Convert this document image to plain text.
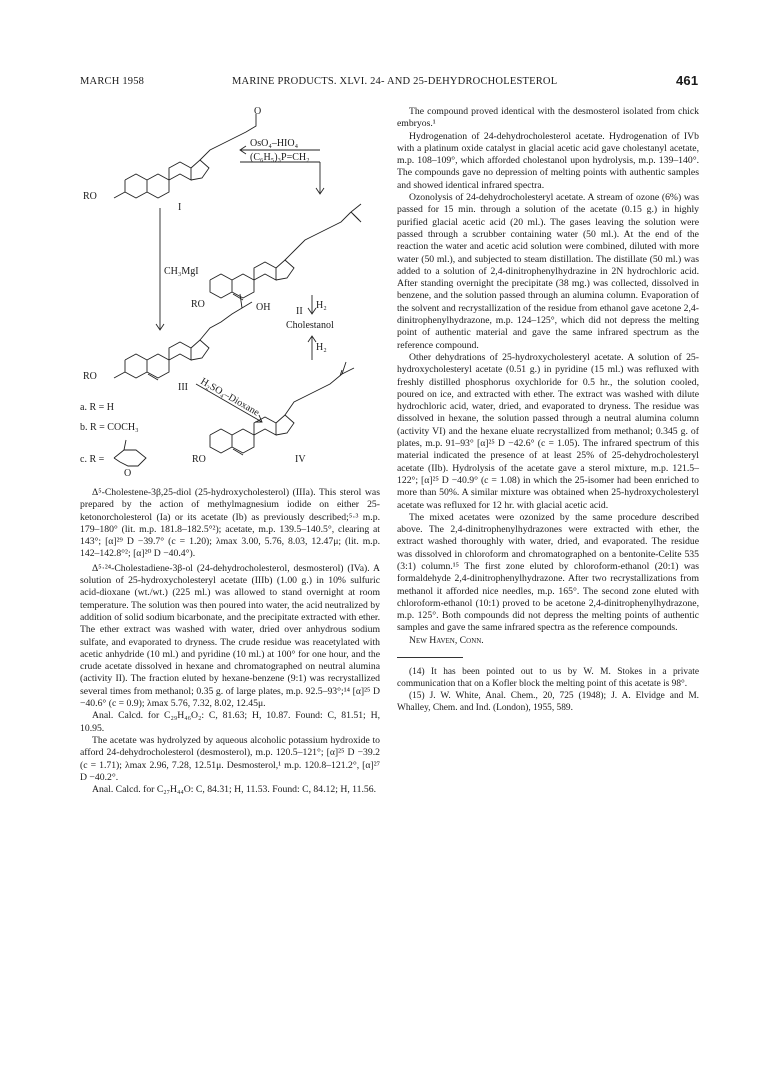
MARCH 1958	MARINE PRODUCTS. XLVI. 24- AND 25-DEHYDROCHOLESTEROL	461
O
RO
I
OsO₄–HIO₄
(C₆H₅)₃P=CH₂
CH₃MgI
RO
II
OH
RO
III
H₂
Cholestanol
H₂
H₂SO₄–Dioxane
RO	IV
a. R = H
b. R = COCH₃
c. R =
O

Δ⁵-Cholestene-3β,25-diol (25-hydroxycholesterol) (IIIa). This sterol was prepared by the action of methylmagnesium iodide on either 25-ketonorcholesterol (Ia) or its acetate (Ib) as previously described;⁵·³ m.p. 179–180° (lit. m.p. 181.8–182.5°²); acetate, m.p. 139.5–140.5°, clearing at 143°; [α]²⁹ D −39.7° (c = 1.20); λmax 3.00, 5.76, 8.03, 12.47μ; (lit. m.p. 142–142.8°²; [α]²⁰ D −40.4°).

Δ⁵·²⁴-Cholestadiene-3β-ol (24-dehydrocholesterol, desmosterol) (IVa). A solution of 25-hydroxycholesteryl acetate (IIIb) (1.00 g.) in 10% sulfuric acid-dioxane (wt./wt.) (225 ml.) was allowed to stand overnight at room temperature. The solution was then poured into water, the acid neutralized by addition of solid sodium bicarbonate, and the precipitate extracted with ether. The ether extract was washed with water, dried over anhydrous sodium sulfate, and evaporated to dryness. The crude residue was reacetylated with acetic anhydride (10 ml.) and pyridine (10 ml.) at 100° for one hour, and the crude acetate dissolved in hexane and chromatographed on neutral alumina (activity II). The fraction eluted by hexane-benzene (9:1) was recrystallized several times from methanol; 0.35 g. of large plates, m.p. 92.5–93°;¹⁴ [α]²⁵ D −40.6° (c = 0.9); λmax 5.76, 7.32, 8.02, 12.45μ.

Anal. Calcd. for C₂₉H₄₆O₂: C, 81.63; H, 10.87. Found: C, 81.51; H, 10.95.

The acetate was hydrolyzed by aqueous alcoholic potassium hydroxide to afford 24-dehydrocholesterol (desmosterol), m.p. 120.5–121°; [α]²⁵ D −39.2 (c = 1.71); λmax 2.96, 7.28, 12.51μ. Desmosterol,¹ m.p. 120.8–121.2°, [α]²⁷ D −40.2°.

Anal. Calcd. for C₂₇H₄₄O: C, 84.31; H, 11.53. Found: C, 84.12; H, 11.56.

The compound proved identical with the desmosterol isolated from chick embryos.¹

Hydrogenation of 24-dehydrocholesterol acetate. Hydrogenation of IVb with a platinum oxide catalyst in glacial acetic acid gave cholestanyl acetate, m.p. 108–109°, which afforded cholestanol upon hydrolysis, m.p. 139–140°. The compounds gave no depression of melting points with authentic samples and showed identical infrared spectra.

Ozonolysis of 24-dehydrocholesteryl acetate. A stream of ozone (6%) was passed for 15 min. through a solution of the acetate (0.15 g.) in highly purified glacial acetic acid (20 ml.). The gases leaving the solution were passed through a scrubber containing water (50 ml.). At the end of the reaction the water and acetic acid solution were combined, diluted with more water (50 ml.), and subjected to steam distillation. The distillate (50 ml.) was added to a solution of 2,4-dinitrophenylhydrazine in 2N hydrochloric acid. After standing overnight the precipitate (38 mg.) was collected, dissolved in benzene, and the solution passed through an alumina column. Evaporation of the solvent and recrystallization of the residue from ethanol gave acetone 2,4-dinitrophenylhydrazone, m.p. 124–125°, which did not depress the melting point of authentic material and gave the same infrared spectrum as the reference compound.

Other dehydrations of 25-hydroxycholesteryl acetate. A solution of 25-hydroxycholesteryl acetate (0.51 g.) in pyridine (15 ml.) was refluxed with freshly distilled phosphorus oxychloride for 0.5 hr., the solution cooled, poured on ice, and extracted with ether. The extract was washed with dilute hydrochloric acid, water, dried, and evaporated to dryness. The residue was dissolved in hexane, the solution passed through a neutral alumina column (activity VI) and the hexane eluate recrystallized from methanol; 0.345 g. of plates, m.p. 91–93° [α]²⁵ D −42.6° (c = 1.05). The infrared spectrum of this material indicated the presence of at least 25% of 25-dehydrocholesteryl acetate (IIb). Hydrolysis of the acetate gave a sterol mixture, m.p. 121.5–122°; [α]²⁵ D −40.9° (c = 1.08) in which the 25-isomer had been enriched to more than 50%. A similar mixture was obtained when 25-hydroxycholesteryl acetate was refluxed for 12 hr. with glacial acetic acid.

The mixed acetates were ozonized by the same procedure described above. The 2,4-dinitrophenylhydrazones were extracted with ether, the extract washed thoroughly with water, dried, and evaporated. The residue was dissolved in chloroform and chromatographed on a bentonite-Celite 535 (3:1) column.¹⁵ The first zone eluted by chloroform-ethanol (20:1) was formaldehyde 2,4-dinitrophenylhydrazone. After two recrystallizations from methanol it afforded nice needles, m.p. 165°. The second zone eluted with chloroform-ethanol (10:1) proved to be acetone 2,4-dinitrophenylhydrazone, m.p. 125°. Both compounds did not depress the melting points of authentic samples and gave the same infrared spectra as the reference compounds.

New Haven, Conn.

(14) It has been pointed out to us by W. M. Stokes in a private communication that on a Kofler block the melting point of this acetate is 98°.

(15) J. W. White, Anal. Chem., 20, 725 (1948); J. A. Elvidge and M. Whalley, Chem. and Ind. (London), 1955, 589.
